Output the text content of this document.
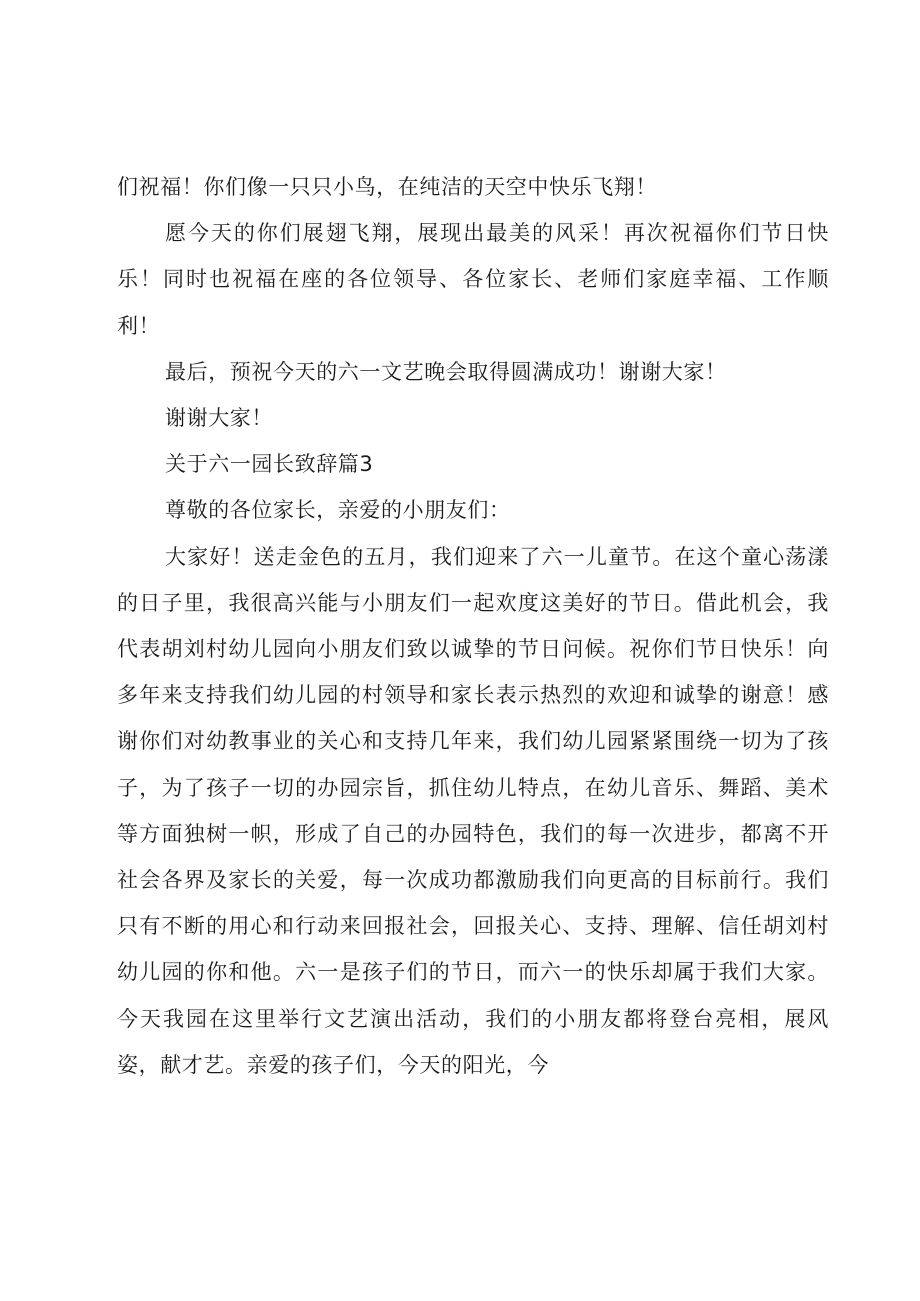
们祝福！你们像一只只小鸟，在纯洁的天空中快乐飞翔！

愿今天的你们展翅飞翔，展现出最美的风采！再次祝福你们节日快乐！同时也祝福在座的各位领导、各位家长、老师们家庭幸福、工作顺利！

最后，预祝今天的六一文艺晚会取得圆满成功！谢谢大家！

谢谢大家！

关于六一园长致辞篇3

尊敬的各位家长，亲爱的小朋友们：

大家好！送走金色的五月，我们迎来了六一儿童节。在这个童心荡漾的日子里，我很高兴能与小朋友们一起欢度这美好的节日。借此机会，我代表胡刘村幼儿园向小朋友们致以诚挚的节日问候。祝你们节日快乐！向多年来支持我们幼儿园的村领导和家长表示热烈的欢迎和诚挚的谢意！感谢你们对幼教事业的关心和支持几年来，我们幼儿园紧紧围绕一切为了孩子，为了孩子一切的办园宗旨，抓住幼儿特点，在幼儿音乐、舞蹈、美术等方面独树一帜，形成了自己的办园特色，我们的每一次进步，都离不开社会各界及家长的关爱，每一次成功都激励我们向更高的目标前行。我们只有不断的用心和行动来回报社会，回报关心、支持、理解、信任胡刘村幼儿园的你和他。六一是孩子们的节日，而六一的快乐却属于我们大家。今天我园在这里举行文艺演出活动，我们的小朋友都将登台亮相，展风姿，献才艺。亲爱的孩子们，今天的阳光，今
